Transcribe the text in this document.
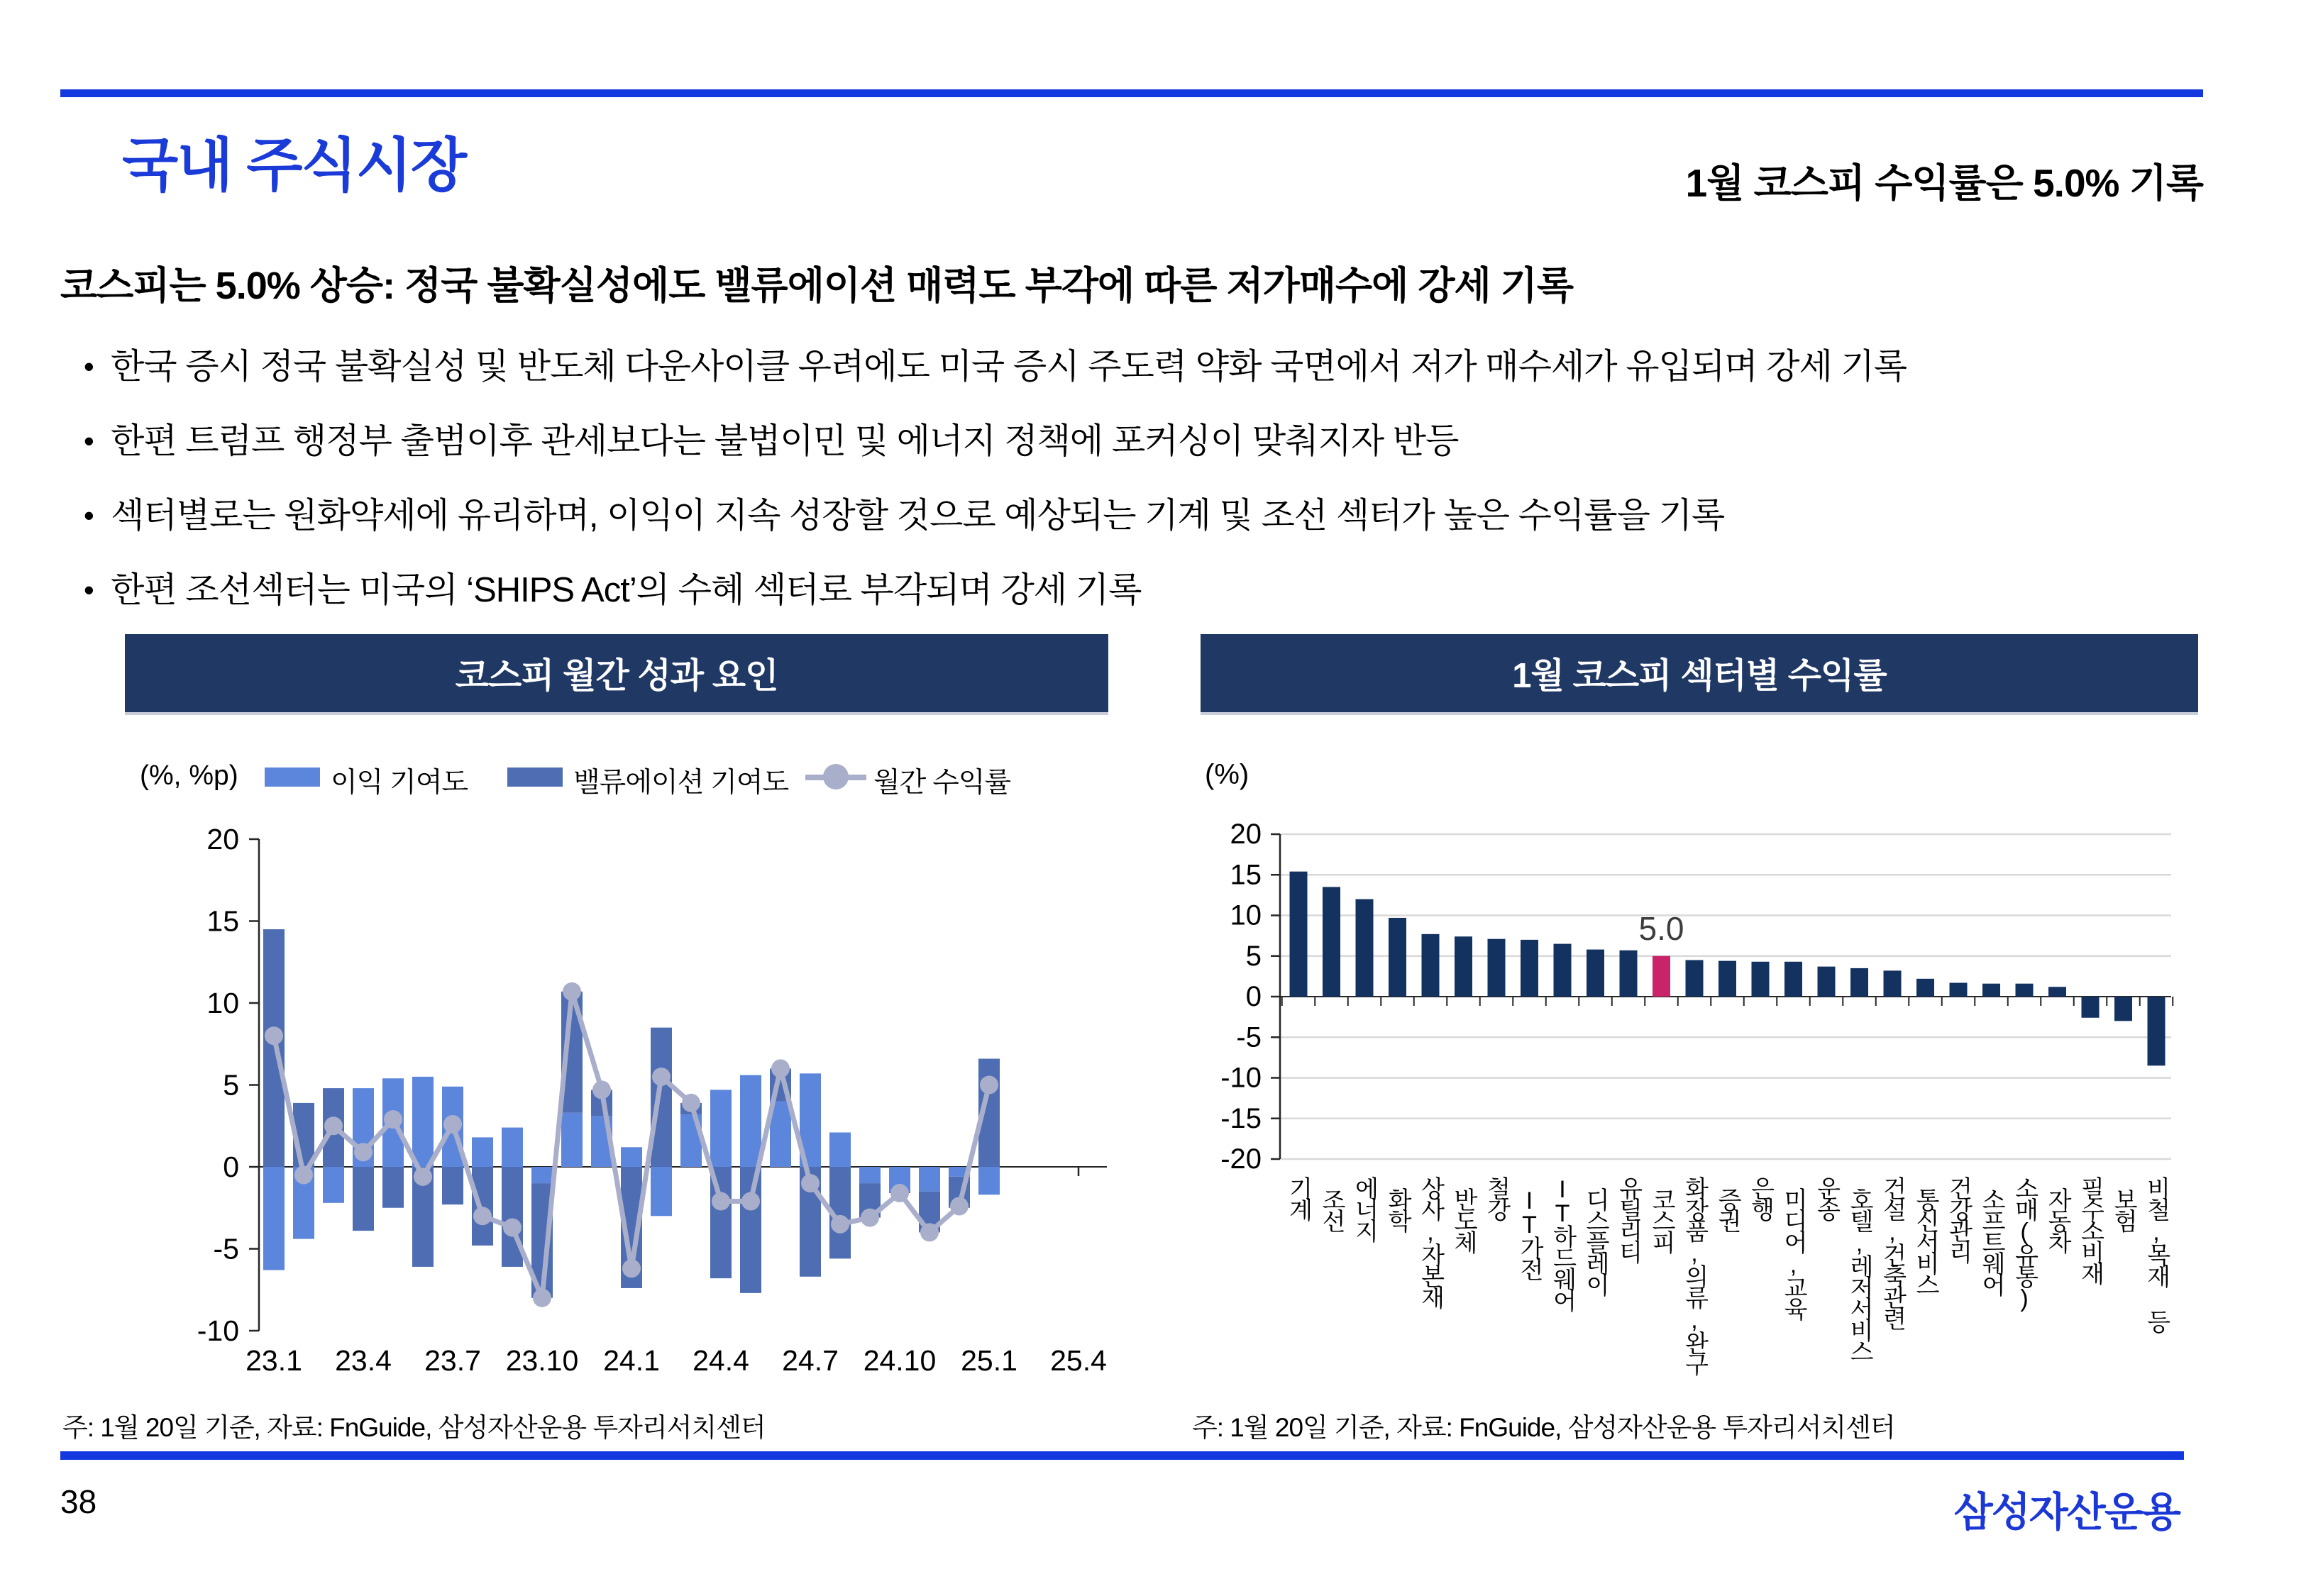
국내 주식시장	1월 코스피 수익률은 5.0% 기록
코스피는 5.0% 상승: 정국 불확실성에도 밸류에이션 매력도 부각에 따른 저가매수에 강세 기록
• 한국 증시 정국 불확실성 및 반도체 다운사이클 우려에도 미국 증시 주도력 약화 국면에서 저가 매수세가 유입되며 강세 기록
• 한편 트럼프 행정부 출범이후 관세보다는 불법이민 및 에너지 정책에 포커싱이 맞춰지자 반등
• 섹터별로는 원화약세에 유리하며, 이익이 지속 성장할 것으로 예상되는 기계 및 조선 섹터가 높은 수익률을 기록
• 한편 조선섹터는 미국의 ‘SHIPS Act’의 수혜 섹터로 부각되며 강세 기록
코스피 월간 성과 요인	1월 코스피 섹터별 수익률
(%, %p)	이익 기여도	밸류에이션 기여도	월간 수익률	(%)
20
15
10
5
0
-5
-10
23.1 23.4 23.7 23.10 24.1 24.4 24.7 24.10 25.1 25.4
20
15
10
5
0
-5
-10
-15
-20
5.0
기계 조선 에너지 화학 상사,자본재 반도체 철강 IT가전 IT하드웨어 디스플레이 유틸리티 코스피 화장품,의류,완구 증권 은행 미디어,교육 운송 호텔,레저서비스 건설,건축관련 통신서비스 건강관리 소프트웨어 소매(유통) 자동차 필수소비재 보험 비철,목재 등
주: 1월 20일 기준, 자료: FnGuide, 삼성자산운용 투자리서치센터	주: 1월 20일 기준, 자료: FnGuide, 삼성자산운용 투자리서치센터
38	삼성자산운용
